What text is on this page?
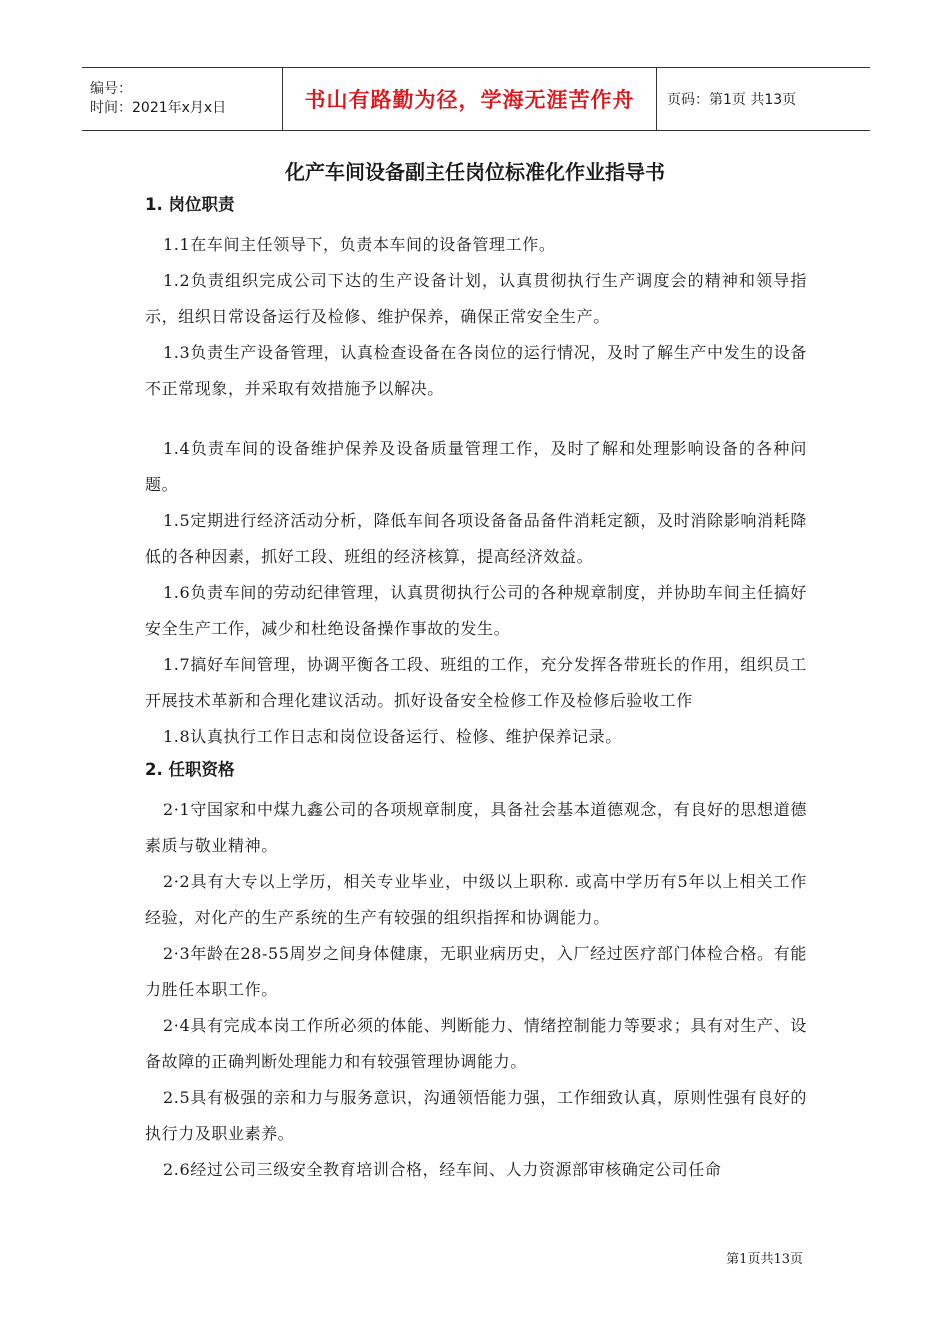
编号：
时间：2021年x月x日	书山有路勤为径，学海无涯苦作舟 页码：第1页 共13页
化产车间设备副主任岗位标准化作业指导书
1. 岗位职责

1.1在车间主任领导下，负责本车间的设备管理工作。

1.2负责组织完成公司下达的生产设备计划，认真贯彻执行生产调度会的精神和领导指示，组织日常设备运行及检修、维护保养，确保正常安全生产。

1.3负责生产设备管理，认真检查设备在各岗位的运行情况，及时了解生产中发生的设备不正常现象，并采取有效措施予以解决。

1.4负责车间的设备维护保养及设备质量管理工作，及时了解和处理影响设备的各种问题。

1.5定期进行经济活动分析，降低车间各项设备备品备件消耗定额，及时消除影响消耗降低的各种因素，抓好工段、班组的经济核算，提高经济效益。

1.6负责车间的劳动纪律管理，认真贯彻执行公司的各种规章制度，并协助车间主任搞好安全生产工作，减少和杜绝设备操作事故的发生。

1.7搞好车间管理，协调平衡各工段、班组的工作，充分发挥各带班长的作用，组织员工开展技术革新和合理化建议活动。抓好设备安全检修工作及检修后验收工作

1.8认真执行工作日志和岗位设备运行、检修、维护保养记录。

2. 任职资格

2·1守国家和中煤九鑫公司的各项规章制度，具备社会基本道德观念，有良好的思想道德素质与敬业精神。

2·2具有大专以上学历，相关专业毕业，中级以上职称. 或高中学历有5年以上相关工作经验，对化产的生产系统的生产有较强的组织指挥和协调能力。

2·3年龄在28-55周岁之间身体健康，无职业病历史，入厂经过医疗部门体检合格。有能力胜任本职工作。

2·4具有完成本岗工作所必须的体能、判断能力、情绪控制能力等要求；具有对生产、设备故障的正确判断处理能力和有较强管理协调能力。

2.5具有极强的亲和力与服务意识，沟通领悟能力强，工作细致认真，原则性强有良好的执行力及职业素养。

2.6经过公司三级安全教育培训合格，经车间、人力资源部审核确定公司任命

第1页共13页
